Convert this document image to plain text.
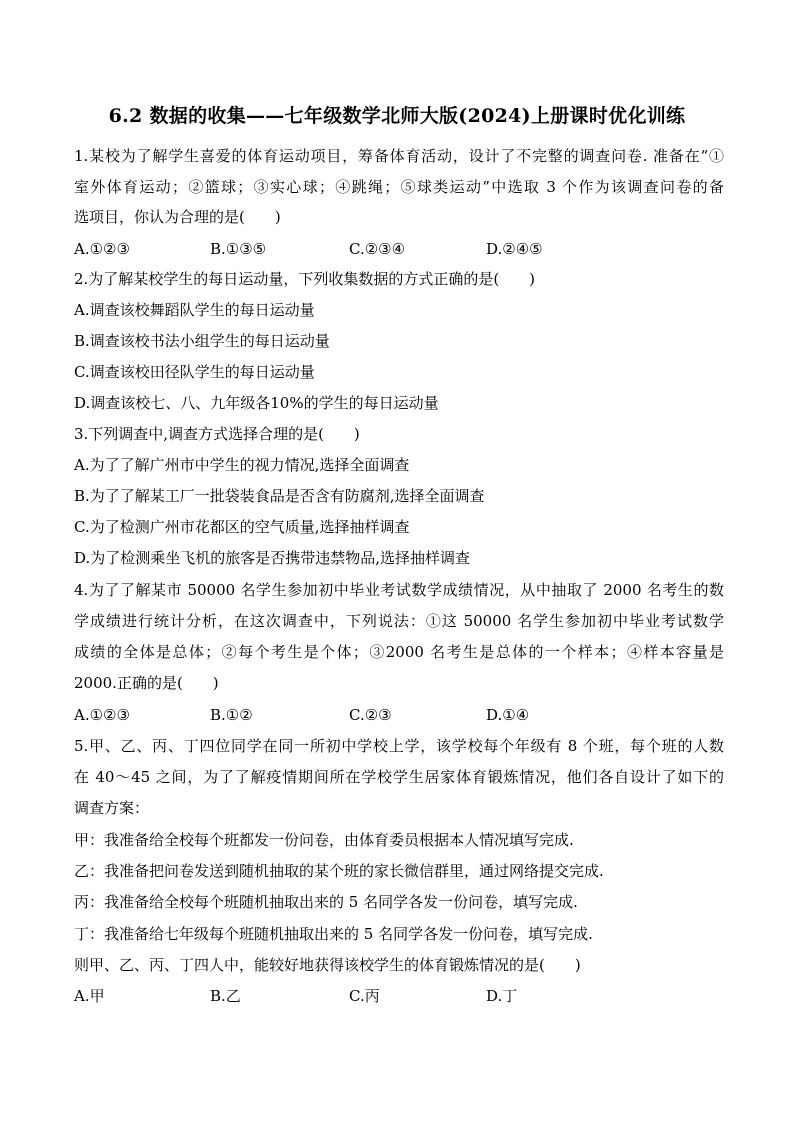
6.2 数据的收集——七年级数学北师大版(2024)上册课时优化训练
1.某校为了解学生喜爱的体育运动项目，筹备体育活动，设计了不完整的调查问卷. 准备在“①
室外体育运动；②篮球；③实心球；④跳绳；⑤球类运动”中选取 3 个作为该调查问卷的备
选项目，你认为合理的是(　　)
A.①②③	B.①③⑤	C.②③④	D.②④⑤
2.为了解某校学生的每日运动量，下列收集数据的方式正确的是(　　)
A.调查该校舞蹈队学生的每日运动量
B.调查该校书法小组学生的每日运动量
C.调查该校田径队学生的每日运动量
D.调查该校七、八、九年级各10%的学生的每日运动量
3.下列调查中,调查方式选择合理的是(　　)
A.为了了解广州市中学生的视力情况,选择全面调查
B.为了了解某工厂一批袋装食品是否含有防腐剂,选择全面调查
C.为了检测广州市花都区的空气质量,选择抽样调查
D.为了检测乘坐飞机的旅客是否携带违禁物品,选择抽样调查
4.为了了解某市 50000 名学生参加初中毕业考试数学成绩情况，从中抽取了 2000 名考生的数
学成绩进行统计分析，在这次调查中，下列说法：①这 50000 名学生参加初中毕业考试数学
成绩的全体是总体；②每个考生是个体；③2000 名考生是总体的一个样本；④样本容量是
2000.正确的是(　　)
A.①②③	B.①②	C.②③	D.①④
5.甲、乙、丙、丁四位同学在同一所初中学校上学，该学校每个年级有 8 个班，每个班的人数
在 40～45 之间，为了了解疫情期间所在学校学生居家体育锻炼情况，他们各自设计了如下的
调查方案：
甲：我准备给全校每个班都发一份问卷，由体育委员根据本人情况填写完成.
乙：我准备把问卷发送到随机抽取的某个班的家长微信群里，通过网络提交完成.
丙：我准备给全校每个班随机抽取出来的 5 名同学各发一份问卷，填写完成.
丁：我准备给七年级每个班随机抽取出来的 5 名同学各发一份问卷，填写完成.
则甲、乙、丙、丁四人中，能较好地获得该校学生的体育锻炼情况的是(　　)
A.甲	B.乙	C.丙	D.丁
